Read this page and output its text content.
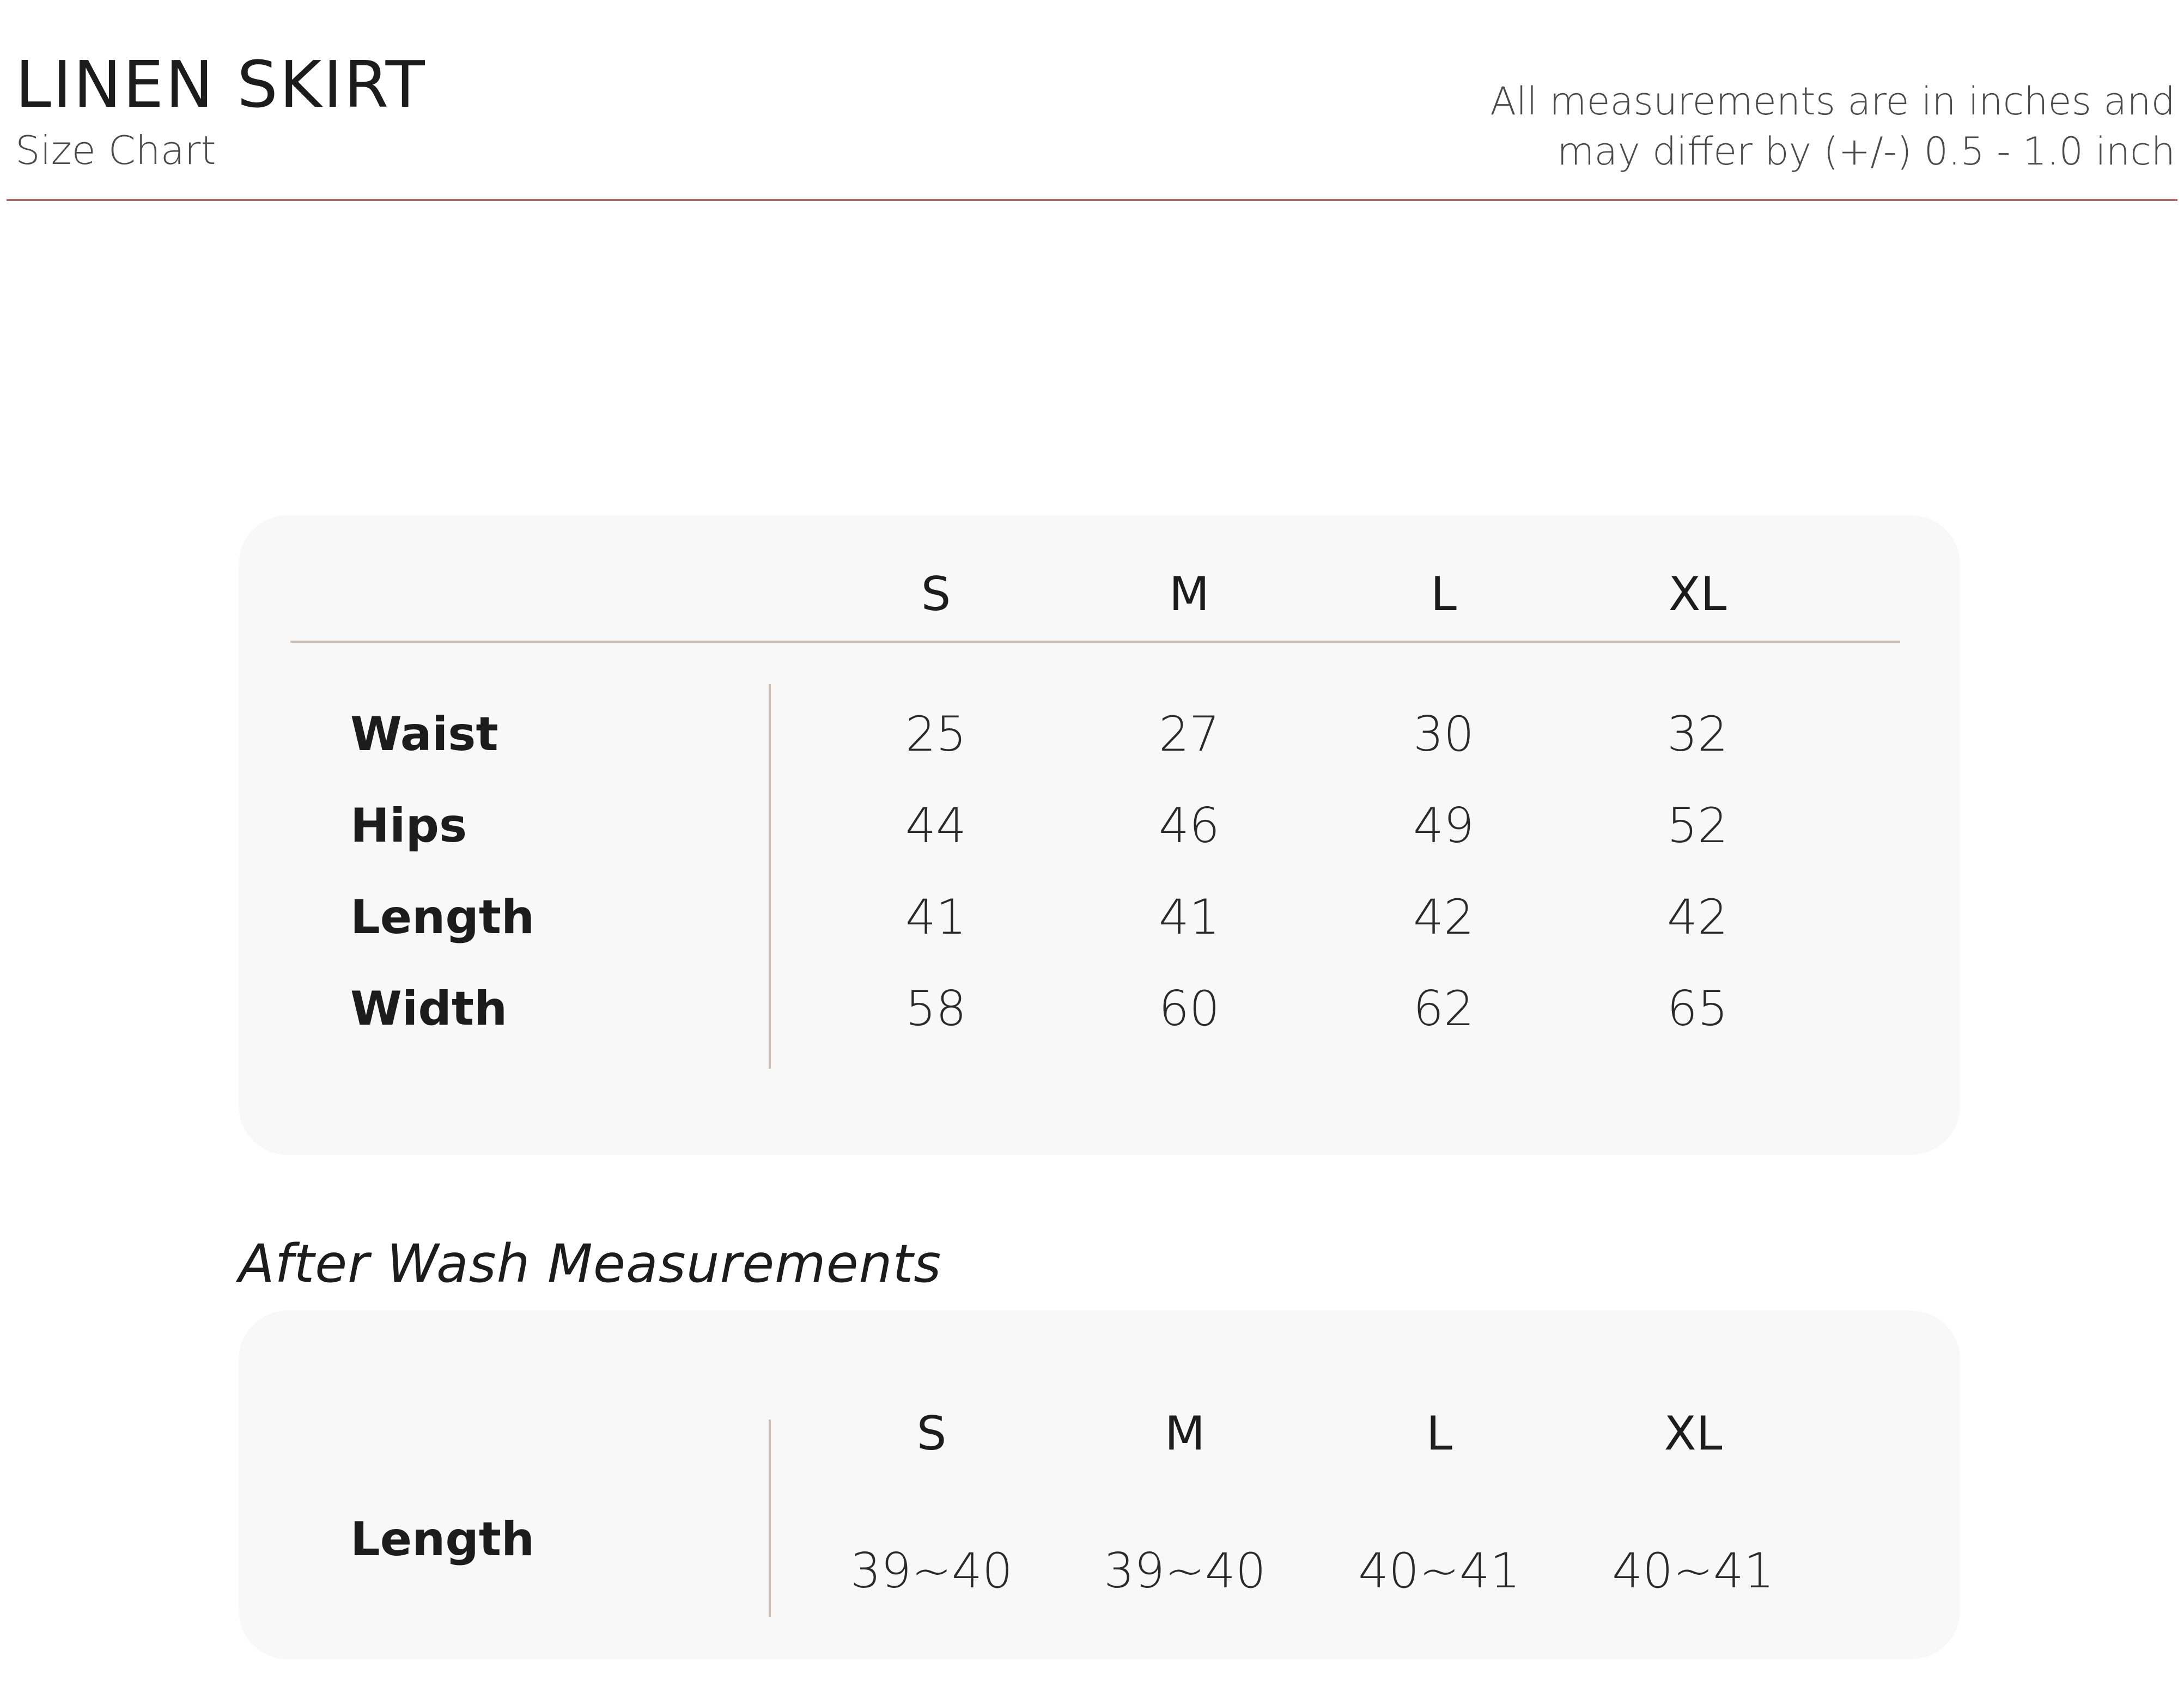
LINEN SKIRT
Size Chart
All measurements are in inches and
may differ by (+/-) 0.5 - 1.0 inch
S	M	L	XL
Waist	25	27	30	32
Hips	44	46	49	52
Length	41	41	42	42
Width	58	60	62	65
After Wash Measurements
S	M	L	XL
Length
39~40 39~40 40~41 40~41
